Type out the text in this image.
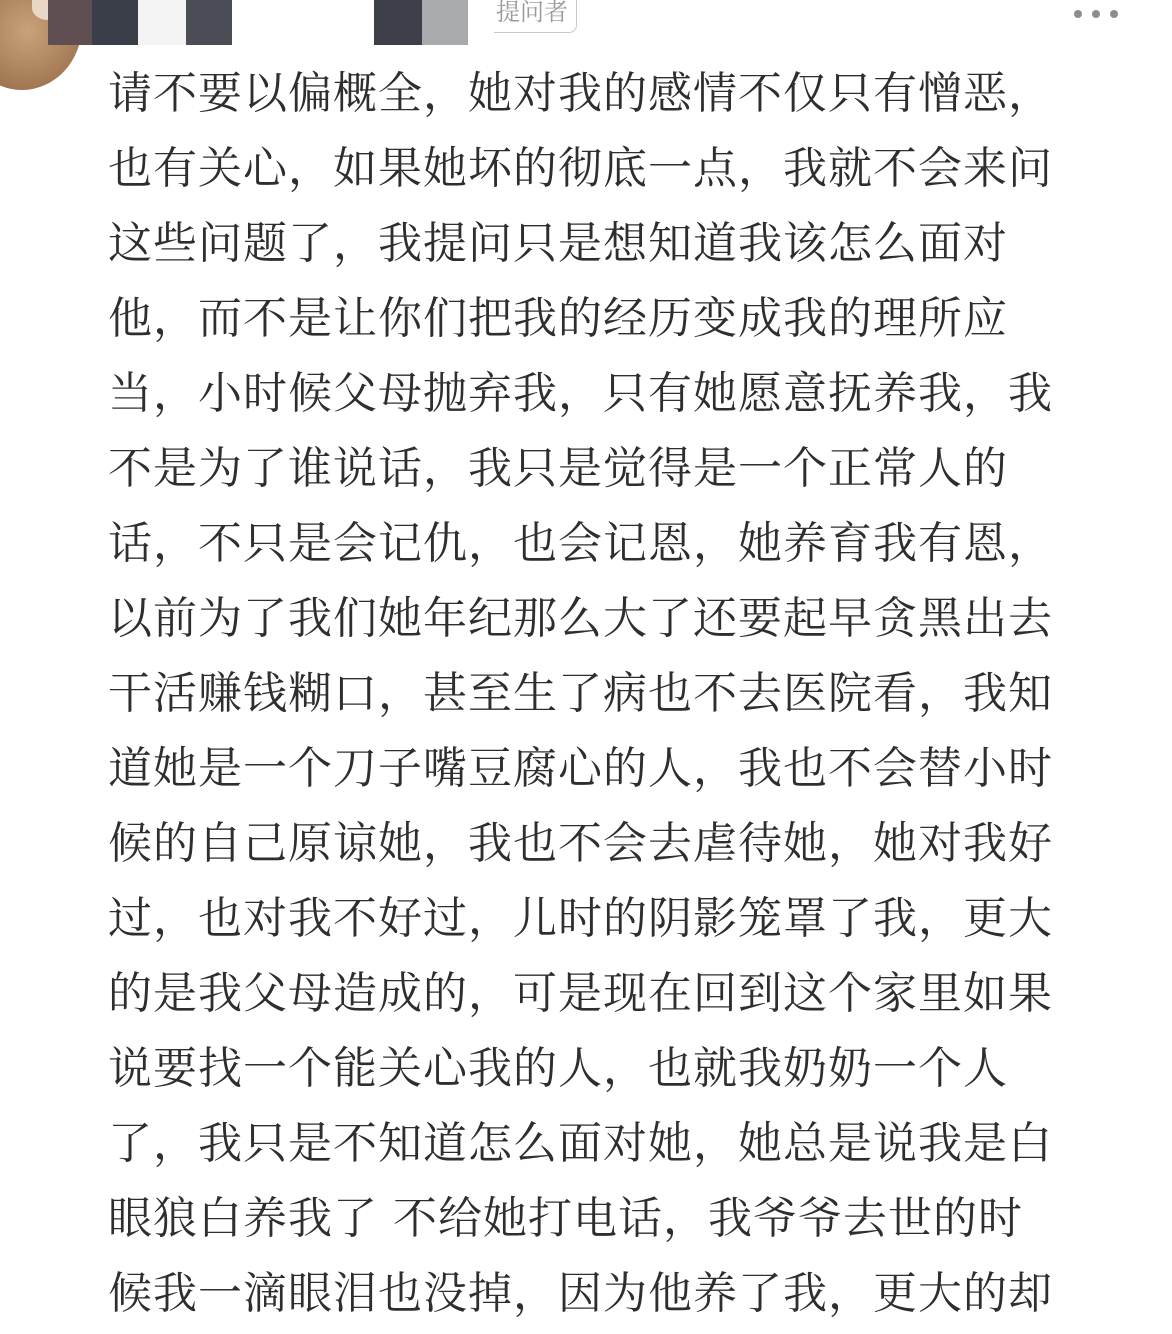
提问者
请不要以偏概全，她对我的感情不仅只有憎恶，
也有关心，如果她坏的彻底一点，我就不会来问
这些问题了，我提问只是想知道我该怎么面对
他，而不是让你们把我的经历变成我的理所应
当，小时候父母抛弃我，只有她愿意抚养我，我
不是为了谁说话，我只是觉得是一个正常人的
话，不只是会记仇，也会记恩，她养育我有恩，
以前为了我们她年纪那么大了还要起早贪黑出去
干活赚钱糊口，甚至生了病也不去医院看，我知
道她是一个刀子嘴豆腐心的人，我也不会替小时
候的自己原谅她，我也不会去虐待她，她对我好
过，也对我不好过，儿时的阴影笼罩了我，更大
的是我父母造成的，可是现在回到这个家里如果
说要找一个能关心我的人，也就我奶奶一个人
了，我只是不知道怎么面对她，她总是说我是白
眼狼白养我了 不给她打电话，我爷爷去世的时
候我一滴眼泪也没掉，因为他养了我，更大的却
